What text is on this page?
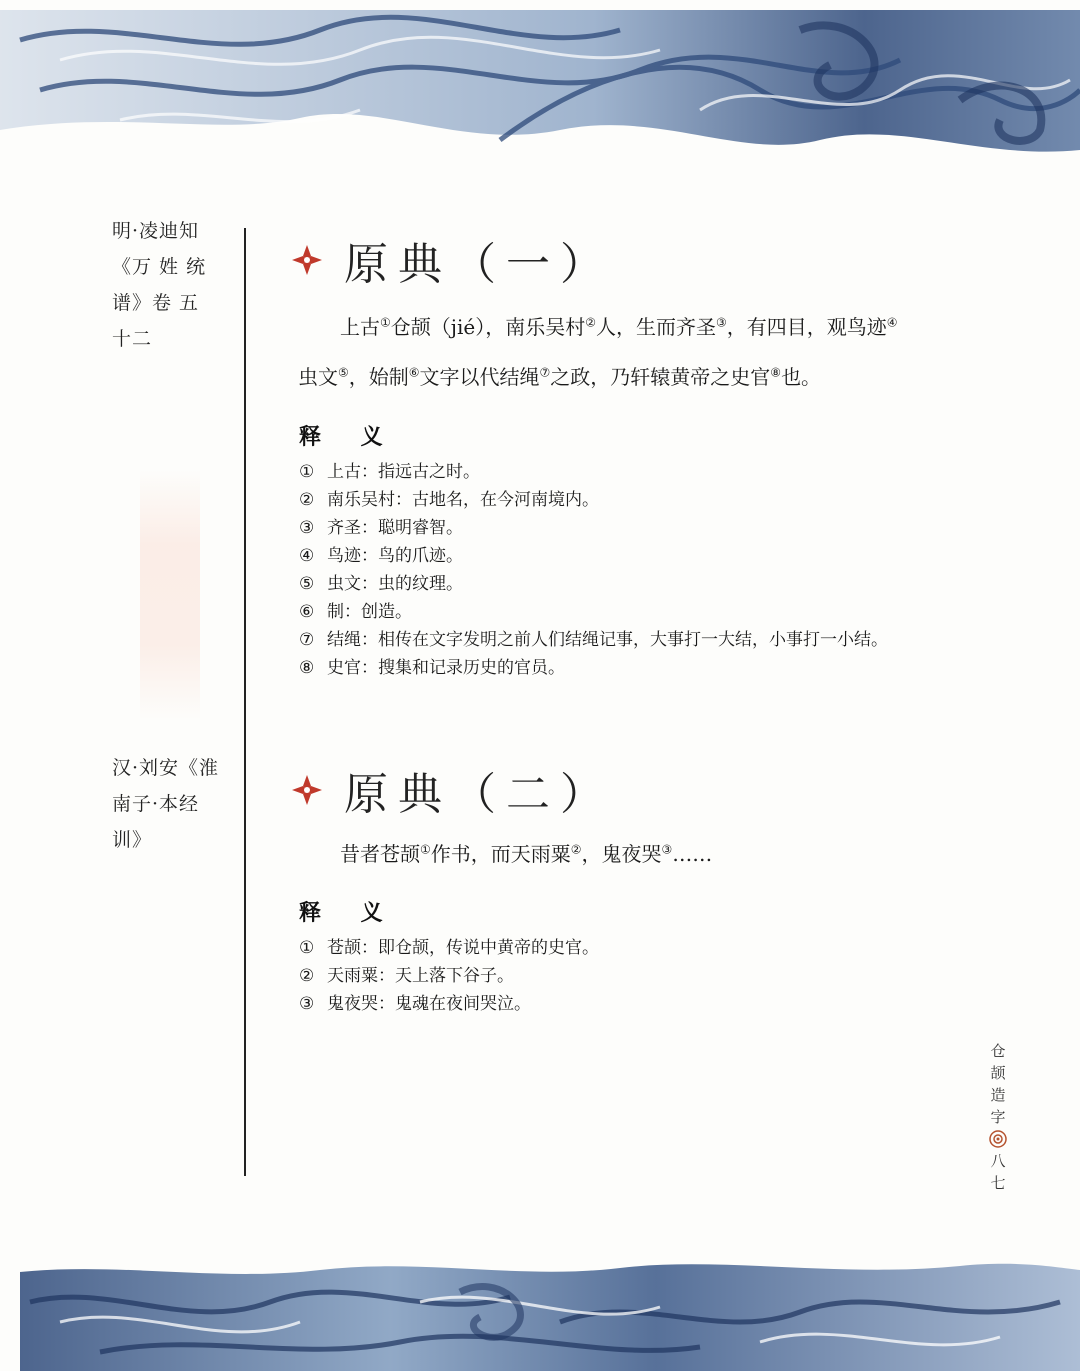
明·凌迪知
《万 姓 统
谱》卷 五
十二
汉·刘安《淮
南子·本经
训》
原典（一）
上古①仓颉（jié），南乐吴村②人，生而齐圣③，有四目，观鸟迹④
虫文⑤，始制⑥文字以代结绳⑦之政，乃轩辕黄帝之史官⑧也。
释 义
① 上古：指远古之时。
② 南乐吴村：古地名，在今河南境内。
③ 齐圣：聪明睿智。
④ 鸟迹：鸟的爪迹。
⑤ 虫文：虫的纹理。
⑥ 制：创造。
⑦ 结绳：相传在文字发明之前人们结绳记事，大事打一大结，小事打一小结。
⑧ 史官：搜集和记录历史的官员。
原典（二）
昔者苍颉①作书，而天雨粟②，鬼夜哭③……
释 义
① 苍颉：即仓颉，传说中黄帝的史官。
② 天雨粟：天上落下谷子。
③ 鬼夜哭：鬼魂在夜间哭泣。
仓
颉
造
字
八
七
